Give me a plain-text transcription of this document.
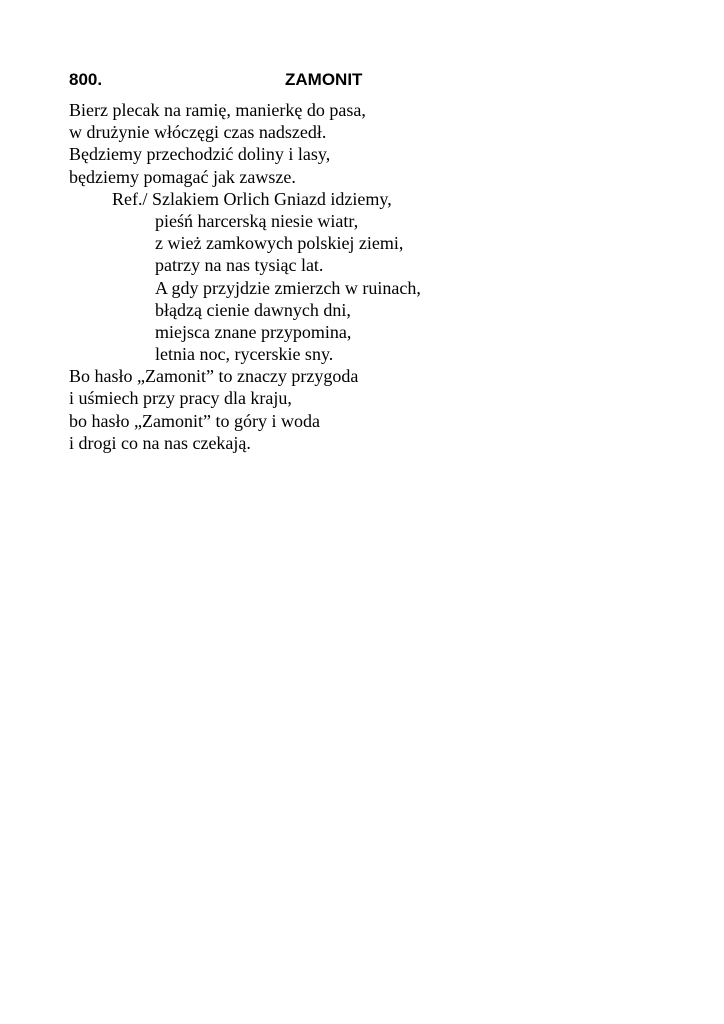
800.	ZAMONIT
Bierz plecak na ramię, manierkę do pasa,
w drużynie włóczęgi czas nadszedł.
Będziemy przechodzić doliny i lasy,
będziemy pomagać jak zawsze.
Ref./ Szlakiem Orlich Gniazd idziemy,
pieśń harcerską niesie wiatr,
z wież zamkowych polskiej ziemi,
patrzy na nas tysiąc lat.
A gdy przyjdzie zmierzch w ruinach,
błądzą cienie dawnych dni,
miejsca znane przypomina,
letnia noc, rycerskie sny.
Bo hasło „Zamonit” to znaczy przygoda
i uśmiech przy pracy dla kraju,
bo hasło „Zamonit” to góry i woda
i drogi co na nas czekają.
